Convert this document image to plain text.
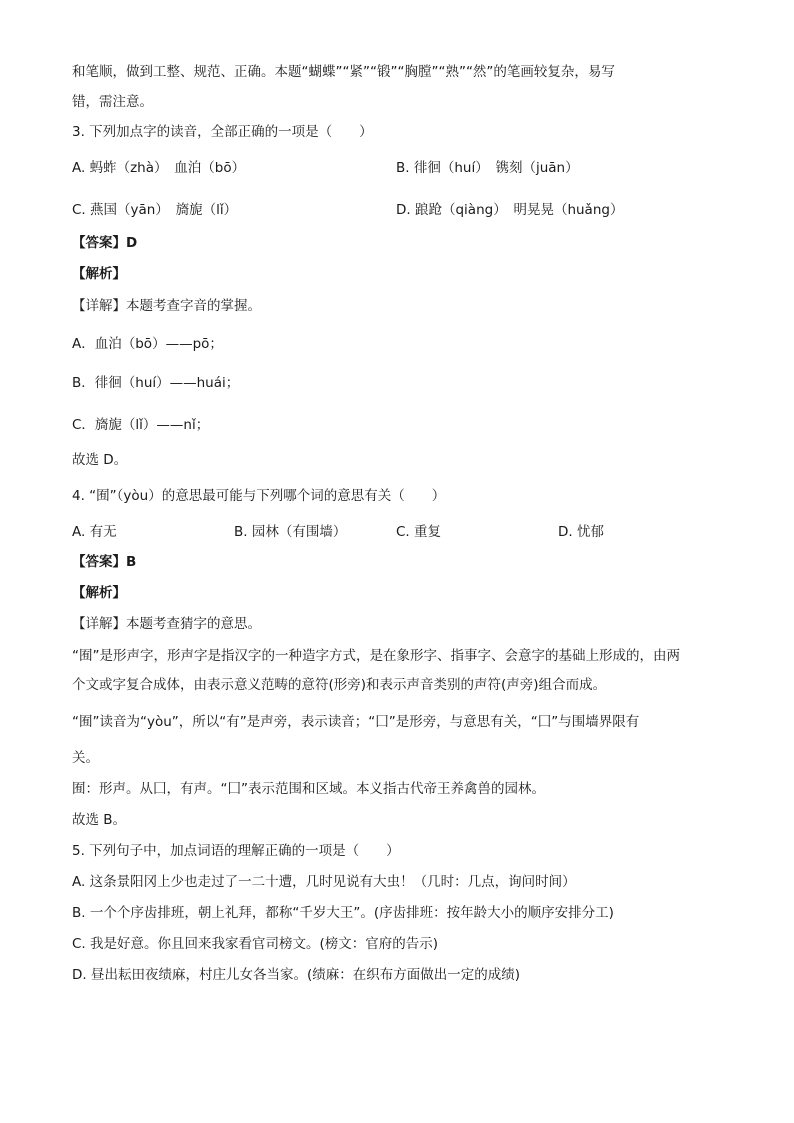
和笔顺，做到工整、规范、正确。本题“蝴蝶”“紧”“锻”“胸膛”“熟”“然”的笔画较复杂，易写
错，需注意。
3. 下列加点字的读音，全部正确的一项是（　　）
A. 蚂蚱（zhà）　血泊（bō）	B. 徘徊（huí）　镌刻（juān）
C. 燕国（yān）　旖旎（lǐ）	D. 踉跄（qiàng）　明晃晃（huǎng）
【答案】D
【解析】
【详解】本题考查字音的掌握。
A．血泊（bō）——pō；
B．徘徊（huí）——huái；
C．旖旎（lǐ）——nǐ；
故选 D。
4. “囿”（yòu）的意思最可能与下列哪个词的意思有关（　　）
A. 有无	B. 园林（有围墙）	C. 重复	D. 忧郁
【答案】B
【解析】
【详解】本题考查猜字的意思。
“囿”是形声字，形声字是指汉字的一种造字方式，是在象形字、指事字、会意字的基础上形成的，由两
个文或字复合成体，由表示意义范畴的意符(形旁)和表示声音类别的声符(声旁)组合而成。
“囿”读音为“yòu”，所以“有”是声旁，表示读音；“囗”是形旁，与意思有关，“囗”与围墙界限有
关。
囿：形声。从囗，有声。“囗”表示范围和区域。本义指古代帝王养禽兽的园林。
故选 B。
5. 下列句子中，加点词语的理解正确的一项是（　　）
A. 这条景阳冈上少也走过了一二十遭，几时见说有大虫！（几时：几点，询问时间）
B. 一个个序齿排班，朝上礼拜，都称“千岁大王”。(序齿排班：按年龄大小的顺序安排分工)
C. 我是好意。你且回来我家看官司榜文。(榜文：官府的告示)
D. 昼出耘田夜绩麻，村庄儿女各当家。(绩麻：在织布方面做出一定的成绩)
